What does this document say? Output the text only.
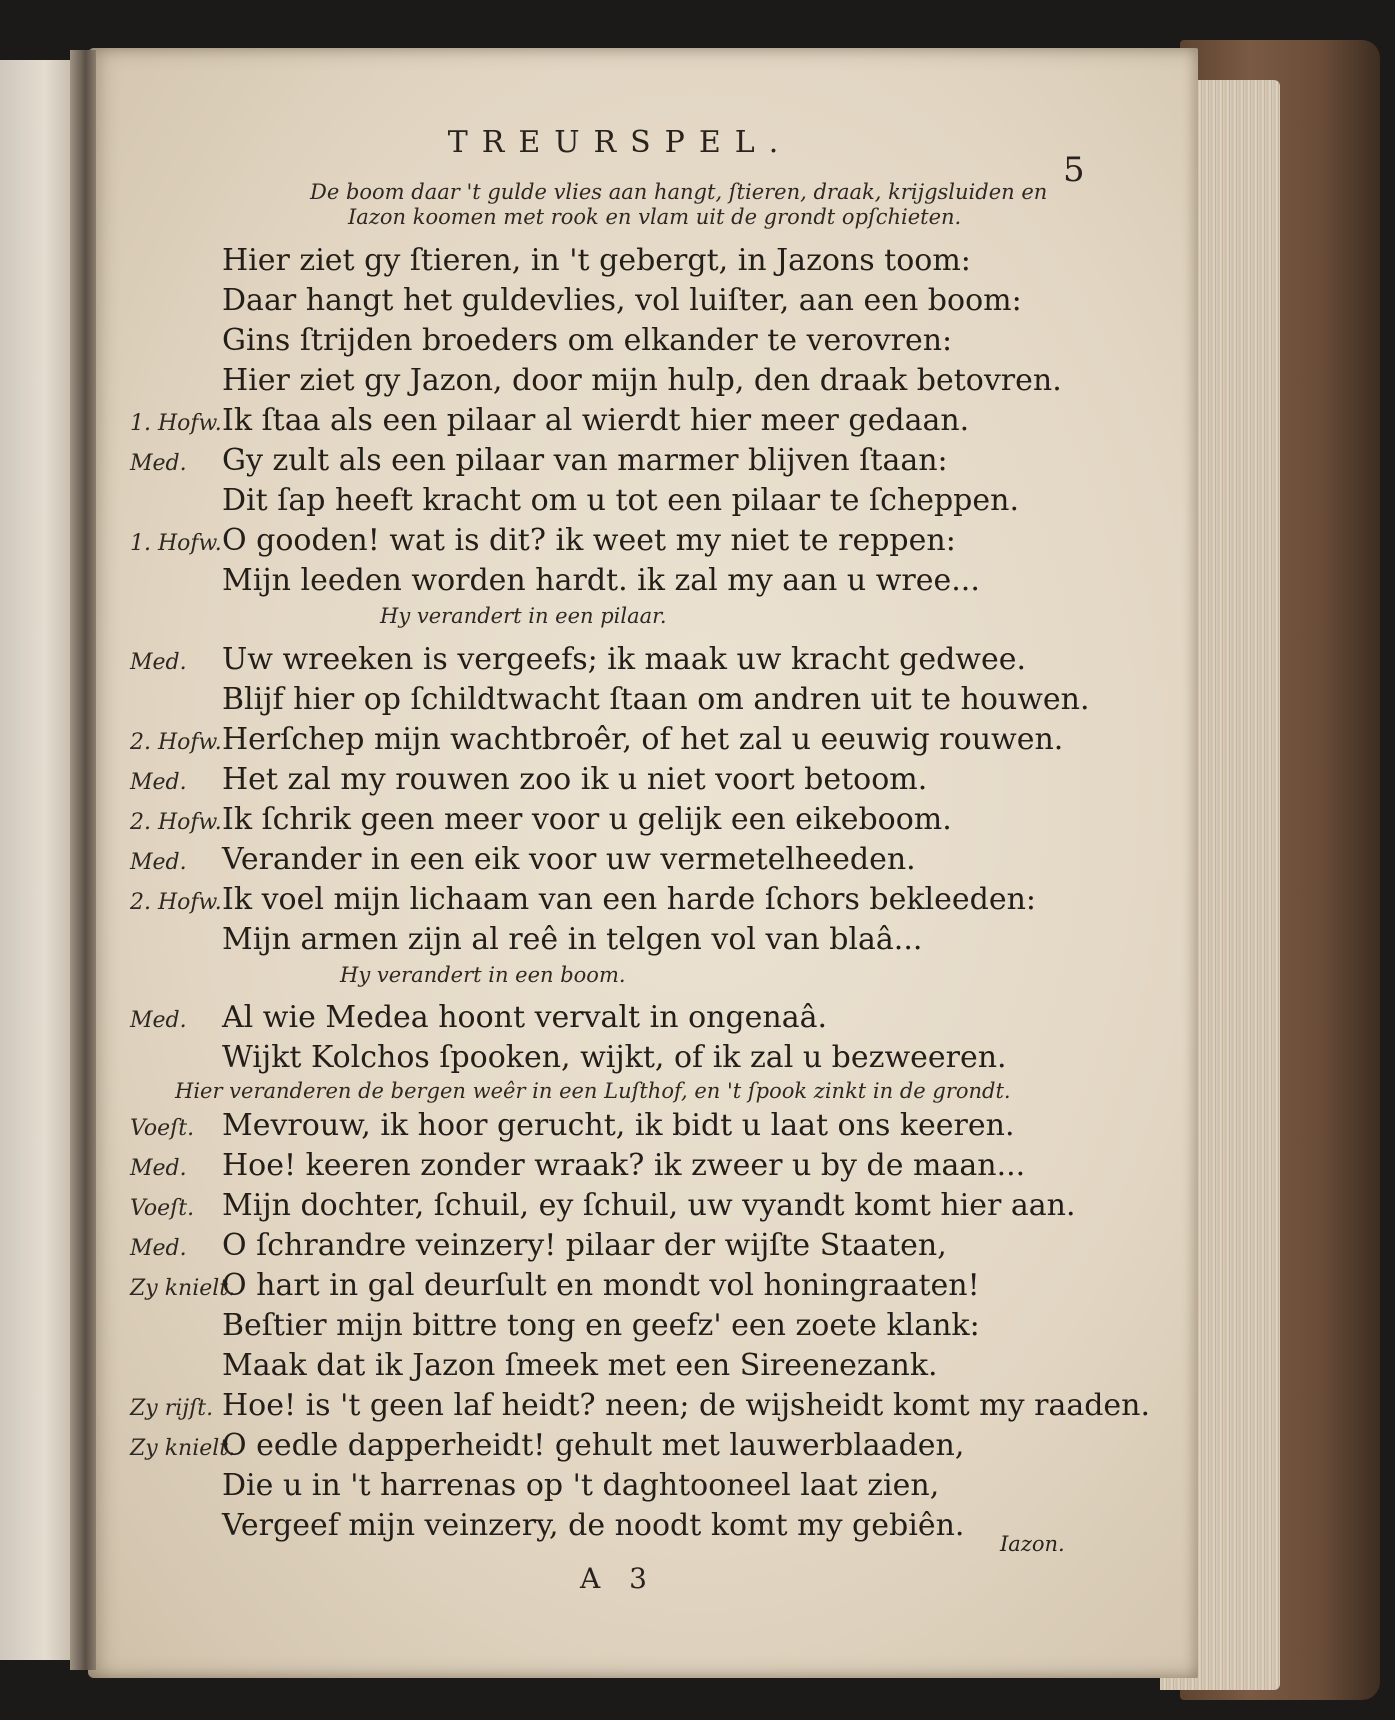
TREURSPEL.
5
De boom daar 't gulde vlies aan hangt, ſtieren, draak, krijgsluiden en
Iazon koomen met rook en vlam uit de grondt opſchieten.
Hier ziet gy ſtieren, in 't gebergt, in Jazons toom:
Daar hangt het guldevlies, vol luiſter, aan een boom:
Gins ſtrijden broeders om elkander te verovren:
Hier ziet gy Jazon, door mijn hulp, den draak betovren.
1. Hofw.Ik ſtaa als een pilaar al wierdt hier meer gedaan.
Med. Gy zult als een pilaar van marmer blijven ſtaan:
Dit ſap heeft kracht om u tot een pilaar te ſcheppen.
1. Hofw.O gooden! wat is dit? ik weet my niet te reppen:
Mijn leeden worden hardt. ik zal my aan u wree...
Hy verandert in een pilaar.
Med. Uw wreeken is vergeefs; ik maak uw kracht gedwee.
Blijf hier op ſchildtwacht ſtaan om andren uit te houwen.
2. Hofw.Herſchep mijn wachtbroêr, of het zal u eeuwig rouwen.
Med. Het zal my rouwen zoo ik u niet voort betoom.
2. Hofw.Ik ſchrik geen meer voor u gelijk een eikeboom.
Med. Verander in een eik voor uw vermetelheeden.
2. Hofw.Ik voel mijn lichaam van een harde ſchors bekleeden:
Mijn armen zijn al reê in telgen vol van blaâ...
Hy verandert in een boom.
Med. Al wie Medea hoont vervalt in ongenaâ.
Wijkt Kolchos ſpooken, wijkt, of ik zal u bezweeren.
Hier veranderen de bergen weêr in een Luſthof, en 't ſpook zinkt in de grondt.
Voeſt. Mevrouw, ik hoor gerucht, ik bidt u laat ons keeren.
Med. Hoe! keeren zonder wraak? ik zweer u by de maan...
Voeſt. Mijn dochter, ſchuil, ey ſchuil, uw vyandt komt hier aan.
Med. O ſchrandre veinzery! pilaar der wijſte Staaten,
Zy knielt.O hart in gal deurſult en mondt vol honingraaten!
Beſtier mijn bittre tong en geefz' een zoete klank:
Maak dat ik Jazon ſmeek met een Sireenezank.
Zy rijſt. Hoe! is 't geen laf heidt? neen; de wijsheidt komt my raaden.
Zy knielt.O eedle dapperheidt! gehult met lauwerblaaden,
Die u in 't harrenas op 't daghtooneel laat zien,
Vergeef mijn veinzery, de noodt komt my gebiên.
A 3
Iazon.
